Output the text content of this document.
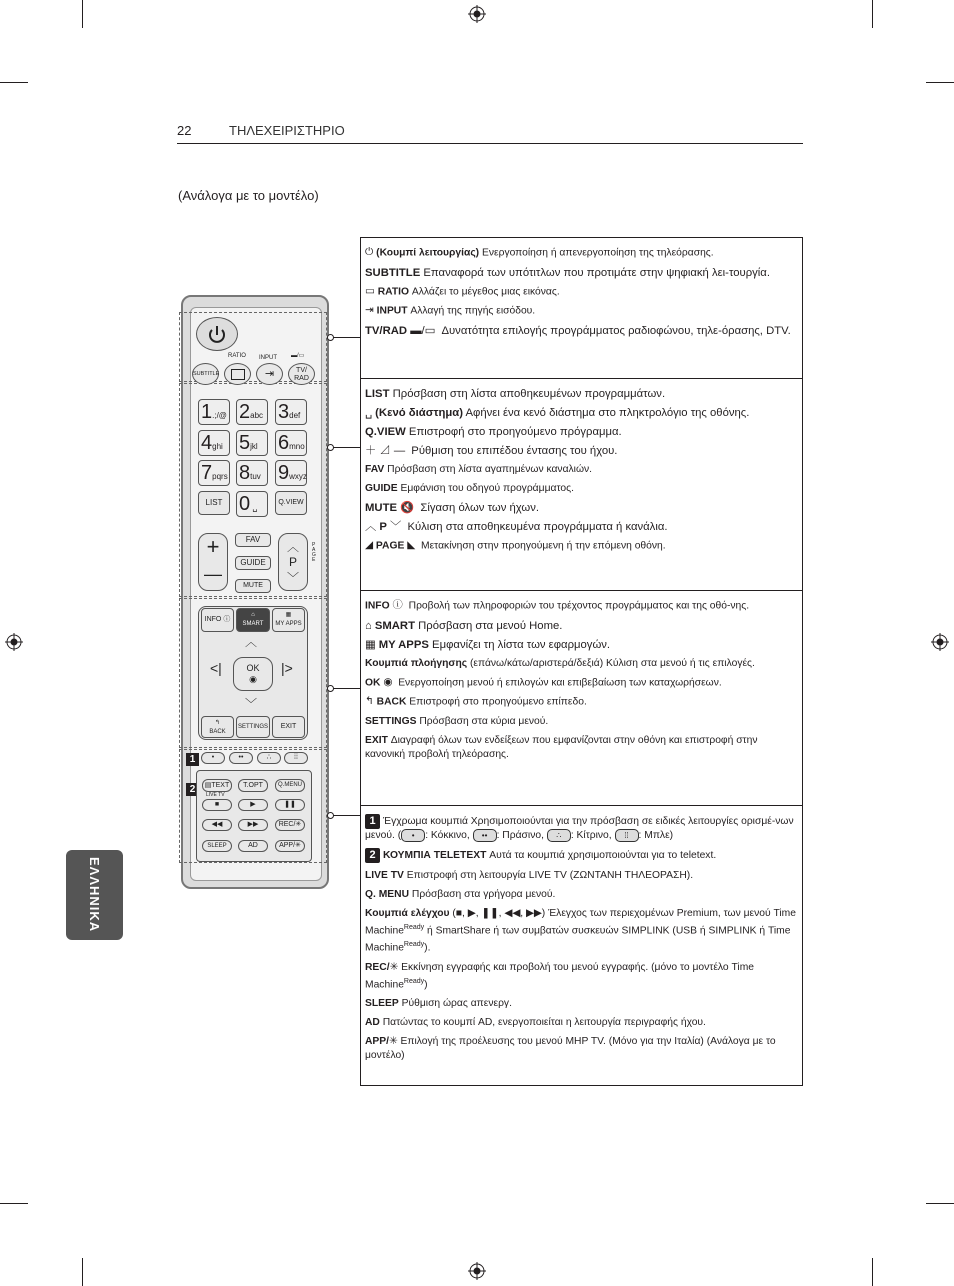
22	ΤΗΛΕΧΕΙΡΙΣΤΗΡΙΟ
(Ανάλογα με το μοντέλο)
ΕΛΛΗΝΙΚΑ
RATIO INPUT ▬/▭
SUBTITLE	⇥	TV/
RAD
1.;/@ 2abc 3def
4ghi 5jkl	6mno
7pqrs 8tuv 9wxyz
LIST 0 ␣
Q.VIEW
+
—
FAV
GUIDE
MUTE
︿
P
﹀
PAGE
INFO ⓘ
⌂
SMART
▦
MY APPS
︿
<|	|>
﹀
OK
◉
↰
BACK
SETTINGS	EXIT
•	••	∴	⁞⁞
1
2	▤TEXT
LIVE TV
T.OPT	Q.MENU
■	▶	❚❚
◀◀	▶▶	REC/✳
SLEEP	AD	APP/✳
⏻ (Κουμπί λειτουργίας) Ενεργοποίηση ή απενεργοποίηση της τηλεόρασης.
SUBTITLE Επαναφορά των υπότιτλων που προτιμάτε στην ψηφιακή λει-τουργία.
▭ RATIO Αλλάζει το μέγεθος μιας εικόνας.
⇥ INPUT Αλλαγή της πηγής εισόδου.
TV/RAD ▬/▭ Δυνατότητα επιλογής προγράμματος ραδιοφώνου, τηλε-όρασης, DTV.
LIST Πρόσβαση στη λίστα αποθηκευμένων προγραμμάτων.
␣ (Κενό διάστημα) Αφήνει ένα κενό διάστημα στο πληκτρολόγιο της οθόνης.
Q.VIEW Επιστροφή στο προηγούμενο πρόγραμμα.
＋ ⊿ — Ρύθμιση του επιπέδου έντασης του ήχου.
FAV Πρόσβαση στη λίστα αγαπημένων καναλιών.
GUIDE Εμφάνιση του οδηγού προγράμματος.
MUTE 🔇 Σίγαση όλων των ήχων.
︿ P ﹀ Κύλιση στα αποθηκευμένα προγράμματα ή κανάλια.
◢ PAGE ◣ Μετακίνηση στην προηγούμενη ή την επόμενη οθόνη.
INFO ⓘ Προβολή των πληροφοριών του τρέχοντος προγράμματος και της οθό-νης.
⌂ SMART Πρόσβαση στα μενού Home.
▦ MY APPS Εμφανίζει τη λίστα των εφαρμογών.
Κουμπιά πλοήγησης (επάνω/κάτω/αριστερά/δεξιά) Κύλιση στα μενού ή τις επιλογές.
OK ◉ Ενεργοποίηση μενού ή επιλογών και επιβεβαίωση των καταχωρήσεων.
↰ BACK Επιστροφή στο προηγούμενο επίπεδο.
SETTINGS Πρόσβαση στα κύρια μενού.
EXIT Διαγραφή όλων των ενδείξεων που εμφανίζονται στην οθόνη και επιστροφή στην κανονική προβολή τηλεόρασης.
1 Έγχρωμα κουμπιά Χρησιμοποιούνται για την πρόσβαση σε ειδικές λειτουργίες ορισμέ-νων μενού. ( • : Κόκκινο, •• : Πράσινο, ∴ : Κίτρινο, ⁞⁞ : Μπλε)
2 ΚΟΥΜΠΙΑ TELETEXT Αυτά τα κουμπιά χρησιμοποιούνται για το teletext.
LIVE TV Επιστροφή στη λειτουργία LIVE TV (ΖΩΝΤΑΝΗ ΤΗΛΕΟΡΑΣΗ).
Q. MENU Πρόσβαση στα γρήγορα μενού.
Κουμπιά ελέγχου (■, ▶, ❚❚, ◀◀, ▶▶) Έλεγχος των περιεχομένων Premium, των μενού Time Machine$^{Ready}$ ή SmartShare ή των συμβατών συσκευών SIMPLINK (USB ή SIMPLINK ή Time Machine$^{Ready}$).
REC/✳ Εκκίνηση εγγραφής και προβολή του μενού εγγραφής. (μόνο το μοντέλο Time Machine$^{Ready}$)
SLEEP Ρύθμιση ώρας απενεργ.
AD Πατώντας το κουμπί AD, ενεργοποιείται η λειτουργία περιγραφής ήχου.
APP/✳ Επιλογή της προέλευσης του μενού MHP TV. (Μόνο για την Ιταλία) (Ανάλογα με το μοντέλο)
